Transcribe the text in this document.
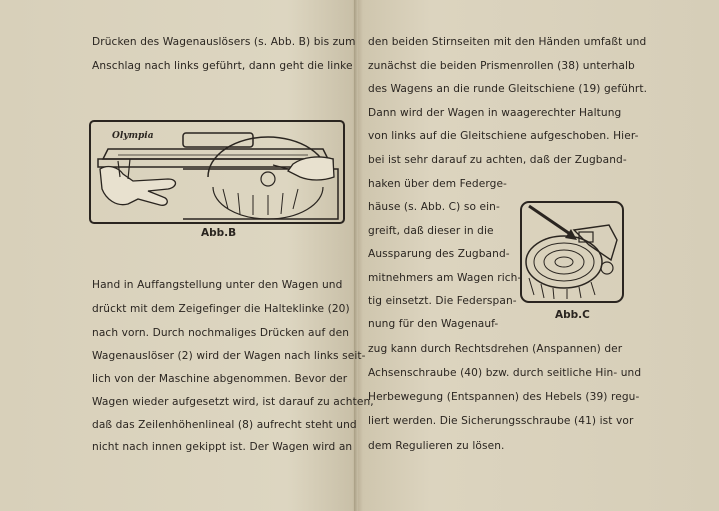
Drücken des Wagenauslösers (s. Abb. B) bis zum
Anschlag nach links geführt, dann geht die linke
Olympia
Abb.B
Hand in Auffangstellung unter den Wagen und
drückt mit dem Zeigefinger die Halteklinke (20)
nach vorn. Durch nochmaliges Drücken auf den
Wagenauslöser (2) wird der Wagen nach links seit-
lich von der Maschine abgenommen. Bevor der
Wagen wieder aufgesetzt wird, ist darauf zu achten,
daß das Zeilenhöhenlineal (8) aufrecht steht und
nicht nach innen gekippt ist. Der Wagen wird an
den beiden Stirnseiten mit den Händen umfaßt und
zunächst die beiden Prismenrollen (38) unterhalb
des Wagens an die runde Gleitschiene (19) geführt.
Dann wird der Wagen in waagerechter Haltung
von links auf die Gleitschiene aufgeschoben. Hier-
bei ist sehr darauf zu achten, daß der Zugband-
haken über dem Federge-
häuse (s. Abb. C) so ein-
greift, daß dieser in die
Aussparung des Zugband-
mitnehmers am Wagen rich-
tig einsetzt. Die Federspan-
nung für den Wagenauf-
Abb.C
zug kann durch Rechtsdrehen (Anspannen) der
Achsenschraube (40) bzw. durch seitliche Hin- und
Herbewegung (Entspannen) des Hebels (39) regu-
liert werden. Die Sicherungsschraube (41) ist vor
dem Regulieren zu lösen.
